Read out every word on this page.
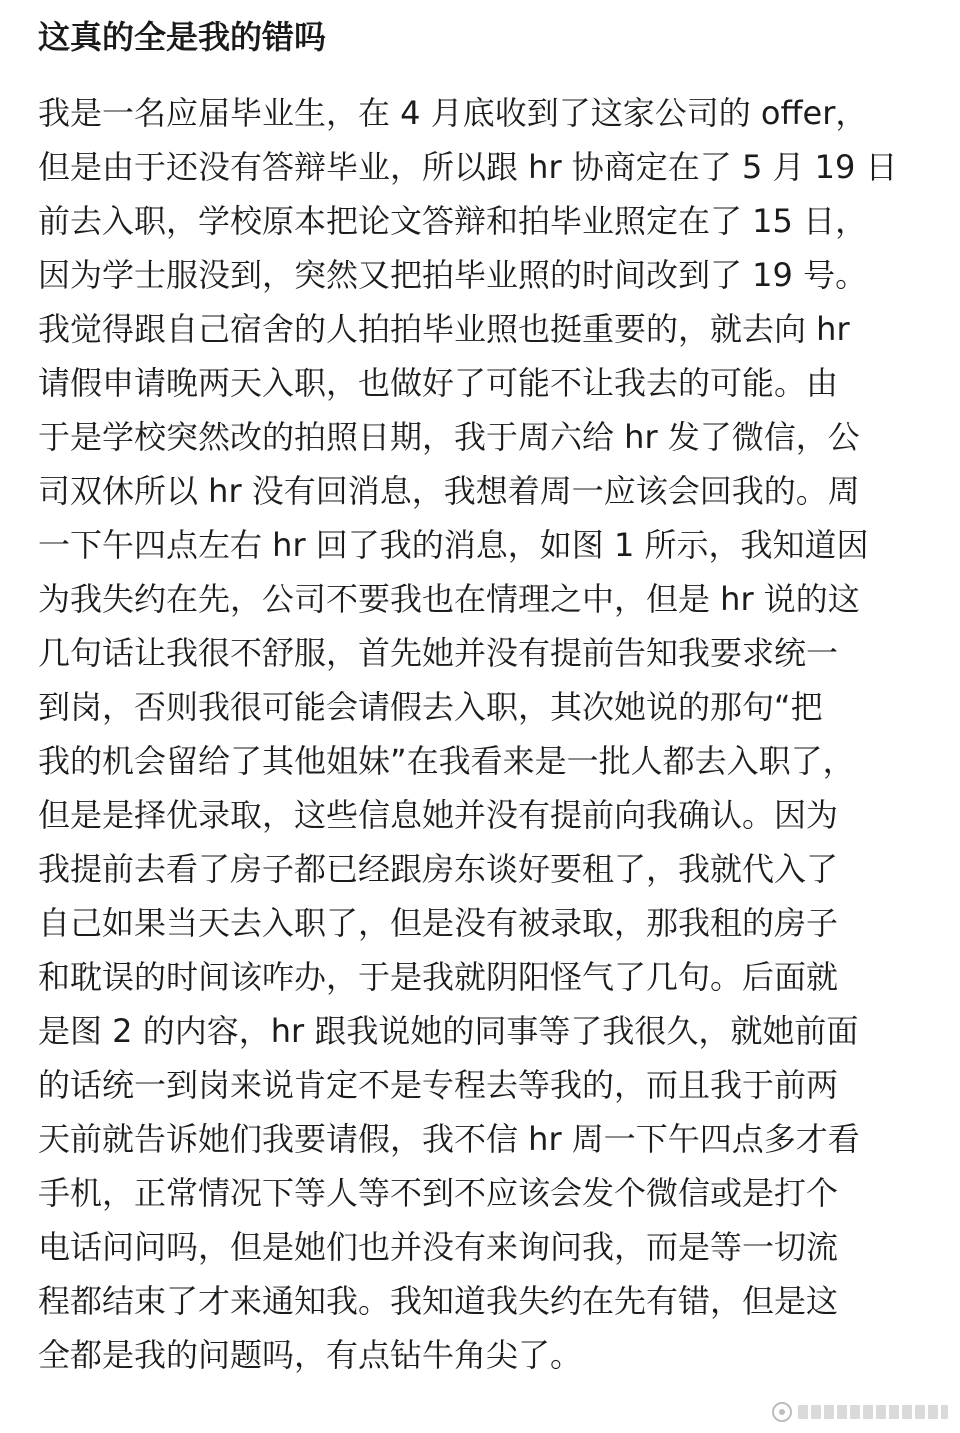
这真的全是我的错吗
我是一名应届毕业生，在 4 月底收到了这家公司的 offer，
但是由于还没有答辩毕业，所以跟 hr 协商定在了 5 月 19 日
前去入职，学校原本把论文答辩和拍毕业照定在了 15 日，
因为学士服没到，突然又把拍毕业照的时间改到了 19 号。
我觉得跟自己宿舍的人拍拍毕业照也挺重要的，就去向 hr
请假申请晚两天入职，也做好了可能不让我去的可能。由
于是学校突然改的拍照日期，我于周六给 hr 发了微信，公
司双休所以 hr 没有回消息，我想着周一应该会回我的。周
一下午四点左右 hr 回了我的消息，如图 1 所示，我知道因
为我失约在先，公司不要我也在情理之中，但是 hr 说的这
几句话让我很不舒服，首先她并没有提前告知我要求统一
到岗，否则我很可能会请假去入职，其次她说的那句“把
我的机会留给了其他姐妹”在我看来是一批人都去入职了，
但是是择优录取，这些信息她并没有提前向我确认。因为
我提前去看了房子都已经跟房东谈好要租了，我就代入了
自己如果当天去入职了，但是没有被录取，那我租的房子
和耽误的时间该咋办，于是我就阴阳怪气了几句。后面就
是图 2 的内容，hr 跟我说她的同事等了我很久，就她前面
的话统一到岗来说肯定不是专程去等我的，而且我于前两
天前就告诉她们我要请假，我不信 hr 周一下午四点多才看
手机，正常情况下等人等不到不应该会发个微信或是打个
电话问问吗，但是她们也并没有来询问我，而是等一切流
程都结束了才来通知我。我知道我失约在先有错，但是这
全都是我的问题吗，有点钻牛角尖了。
